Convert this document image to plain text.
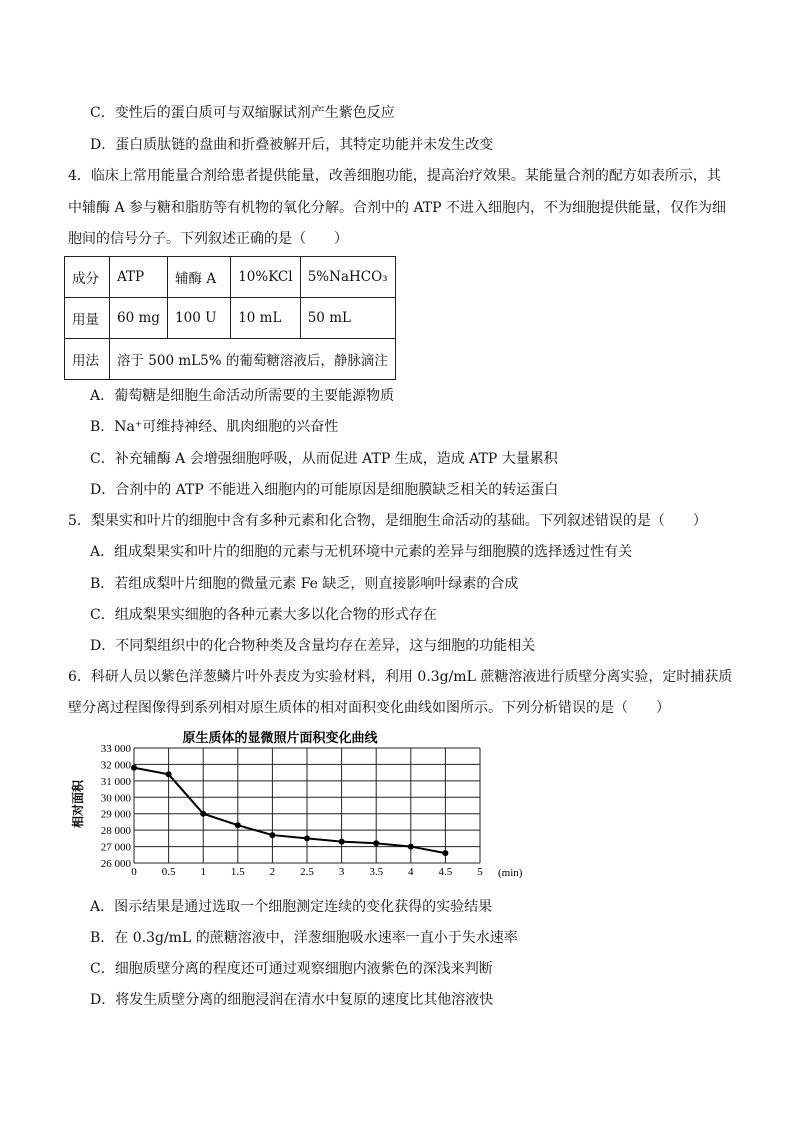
C．变性后的蛋白质可与双缩脲试剂产生紫色反应
D．蛋白质肽链的盘曲和折叠被解开后，其特定功能并未发生改变
4．临床上常用能量合剂给患者提供能量，改善细胞功能，提高治疗效果。某能量合剂的配方如表所示，其
中辅酶 A 参与糖和脂肪等有机物的氧化分解。合剂中的 ATP 不进入细胞内，不为细胞提供能量，仅作为细
胞间的信号分子。下列叙述正确的是（　　）
成分	ATP	辅酶 A	10%KCl	5%NaHCO₃
用量	60 mg	100 U	10 mL	50 mL
用法	溶于 500 mL5% 的葡萄糖溶液后，静脉滴注			
A．葡萄糖是细胞生命活动所需要的主要能源物质
B．Na⁺可维持神经、肌肉细胞的兴奋性
C．补充辅酶 A 会增强细胞呼吸，从而促进 ATP 生成，造成 ATP 大量累积
D．合剂中的 ATP 不能进入细胞内的可能原因是细胞膜缺乏相关的转运蛋白
5．梨果实和叶片的细胞中含有多种元素和化合物，是细胞生命活动的基础。下列叙述错误的是（　　）
A．组成梨果实和叶片的细胞的元素与无机环境中元素的差异与细胞膜的选择透过性有关
B．若组成梨叶片细胞的微量元素 Fe 缺乏，则直接影响叶绿素的合成
C．组成梨果实细胞的各种元素大多以化合物的形式存在
D．不同梨组织中的化合物种类及含量均存在差异，这与细胞的功能相关
6．科研人员以紫色洋葱鳞片叶外表皮为实验材料，利用 0.3g/mL 蔗糖溶液进行质壁分离实验，定时捕获质
壁分离过程图像得到系列相对原生质体的相对面积变化曲线如图所示。下列分析错误的是（　　）
原生质体的显微照片面积变化曲线
相对面积
0 0.5 1 1.5 2 2.5 3 3.5 4 4.5 5
33 000
32 000
31 000
30 000
29 000
28 000
27 000
26 000
(min)
A．图示结果是通过选取一个细胞测定连续的变化获得的实验结果
B．在 0.3g/mL 的蔗糖溶液中，洋葱细胞吸水速率一直小于失水速率
C．细胞质壁分离的程度还可通过观察细胞内液紫色的深浅来判断
D．将发生质壁分离的细胞浸润在清水中复原的速度比其他溶液快
